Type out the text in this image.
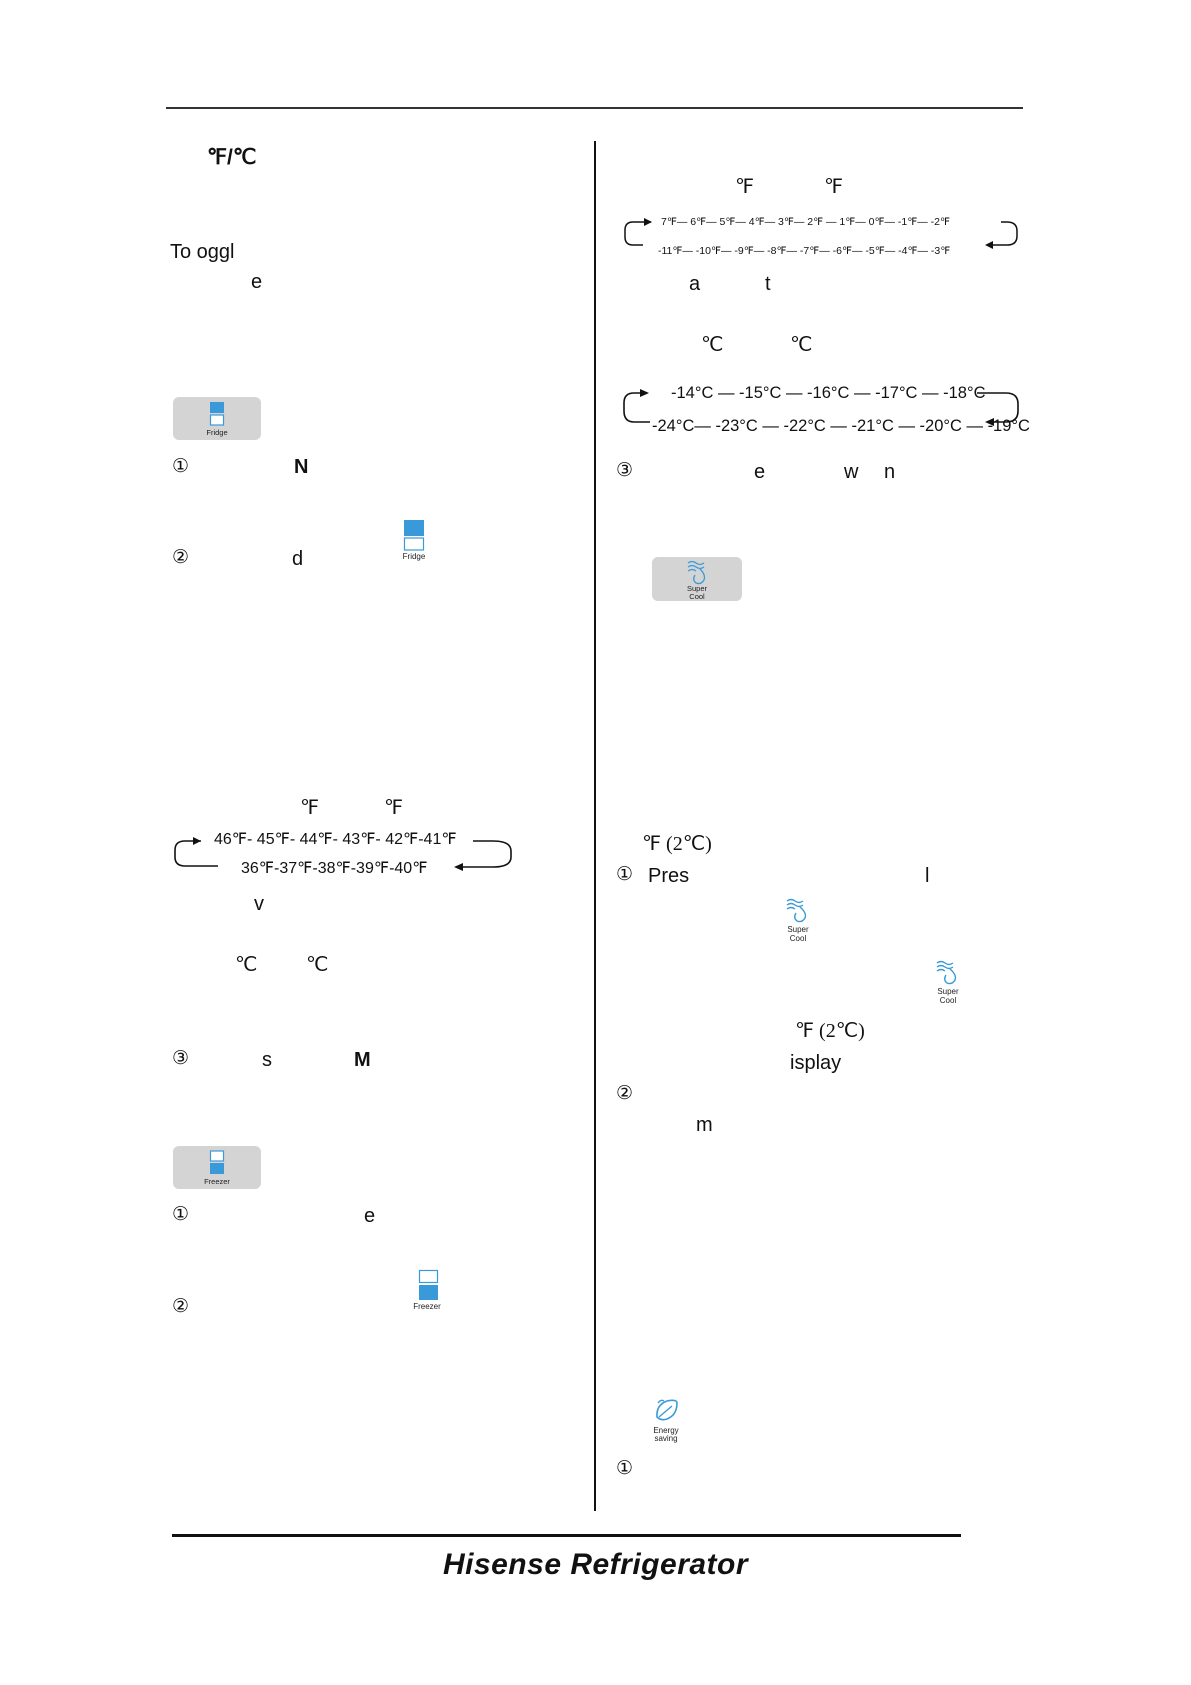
℉/℃
To oggl
e
Fridge
①	N
Fridge
②	d
℉	℉
46℉- 45℉- 44℉- 43℉- 42℉-41℉
36℉-37℉-38℉-39℉-40℉
v
℃ ℃
③	s	M
Freezer
①	e
Freezer
②
℉	℉
7℉— 6℉— 5℉— 4℉— 3℉— 2℉ — 1℉— 0℉— -1℉— -2℉
-11℉— -10℉— -9℉— -8℉— -7℉— -6℉— -5℉— -4℉— -3℉
a	t
℃	℃
-14°C — -15°C — -16°C — -17°C — -18°C
-24°C— -23°C — -22°C — -21°C — -20°C — -19°C
③	e	w n
Super
Cool
℉ (2℃)
① Pres	l
Super
Cool
Super
Cool
℉ (2℃)
isplay
②
m
Energy
saving
①
Hisense Refrigerator
